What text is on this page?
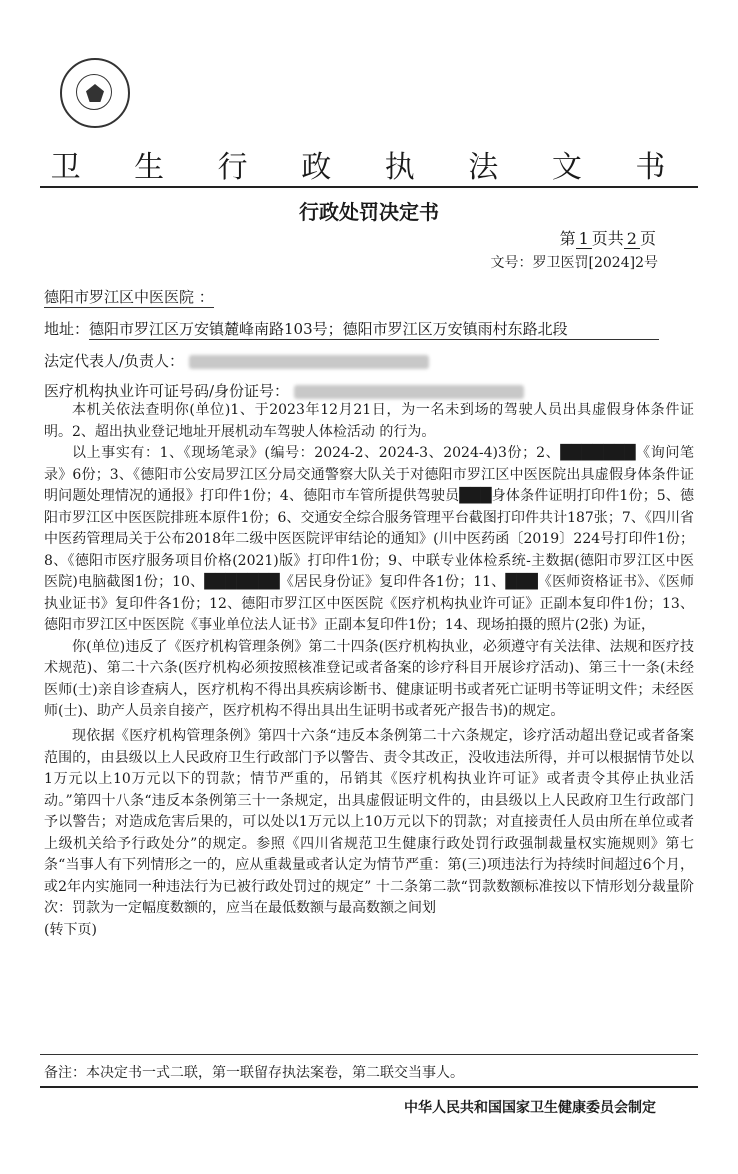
卫 生 行 政 执 法 文 书
行政处罚决定书
第 1 页共 2 页
文号：罗卫医罚[2024]2号
德阳市罗江区中医医院 ：
地址：德阳市罗江区万安镇麓峰南路103号；德阳市罗江区万安镇雨村东路北段
法定代表人/负责人：
医疗机构执业许可证号码/身份证号：

本机关依法查明你(单位)1、于2023年12月21日，为一名未到场的驾驶人员出具虚假身体条件证明。2、超出执业登记地址开展机动车驾驶人体检活动 的行为。

以上事实有：1、《现场笔录》(编号：2024-2、2024-3、2024-4)3份；2、███████《询问笔录》6份；3、《德阳市公安局罗江区分局交通警察大队关于对德阳市罗江区中医医院出具虚假身体条件证明问题处理情况的通报》打印件1份；4、德阳市车管所提供驾驶员███身体条件证明打印件1份；5、德阳市罗江区中医医院排班本原件1份；6、交通安全综合服务管理平台截图打印件共计187张；7、《四川省中医药管理局关于公布2018年二级中医医院评审结论的通知》(川中医药函〔2019〕224号打印件1份；8、《德阳市医疗服务项目价格(2021)版》打印件1份；9、中联专业体检系统-主数据(德阳市罗江区中医医院)电脑截图1份；10、███████《居民身份证》复印件各1份；11、███《医师资格证书》、《医师执业证书》复印件各1份；12、德阳市罗江区中医医院《医疗机构执业许可证》正副本复印件1份；13、德阳市罗江区中医医院《事业单位法人证书》正副本复印件1份；14、现场拍摄的照片(2张) 为证，

你(单位)违反了《医疗机构管理条例》第二十四条(医疗机构执业，必须遵守有关法律、法规和医疗技术规范)、第二十六条(医疗机构必须按照核准登记或者备案的诊疗科目开展诊疗活动)、第三十一条(未经医师(士)亲自诊查病人，医疗机构不得出具疾病诊断书、健康证明书或者死亡证明书等证明文件；未经医师(士)、助产人员亲自接产，医疗机构不得出具出生证明书或者死产报告书)的规定。

现依据《医疗机构管理条例》第四十六条“违反本条例第二十六条规定，诊疗活动超出登记或者备案范围的，由县级以上人民政府卫生行政部门予以警告、责令其改正，没收违法所得，并可以根据情节处以1万元以上10万元以下的罚款；情节严重的，吊销其《医疗机构执业许可证》或者责令其停止执业活动。”第四十八条“违反本条例第三十一条规定，出具虚假证明文件的，由县级以上人民政府卫生行政部门予以警告；对造成危害后果的，可以处以1万元以上10万元以下的罚款；对直接责任人员由所在单位或者上级机关给予行政处分”的规定。参照《四川省规范卫生健康行政处罚行政强制裁量权实施规则》第七条“当事人有下列情形之一的，应从重裁量或者认定为情节严重：第(三)项违法行为持续时间超过6个月，或2年内实施同一种违法行为已被行政处罚过的规定” 十二条第二款“罚款数额标准按以下情形划分裁量阶次：罚款为一定幅度数额的，应当在最低数额与最高数额之间划

(转下页)
备注：本决定书一式二联，第一联留存执法案卷，第二联交当事人。
中华人民共和国国家卫生健康委员会制定
